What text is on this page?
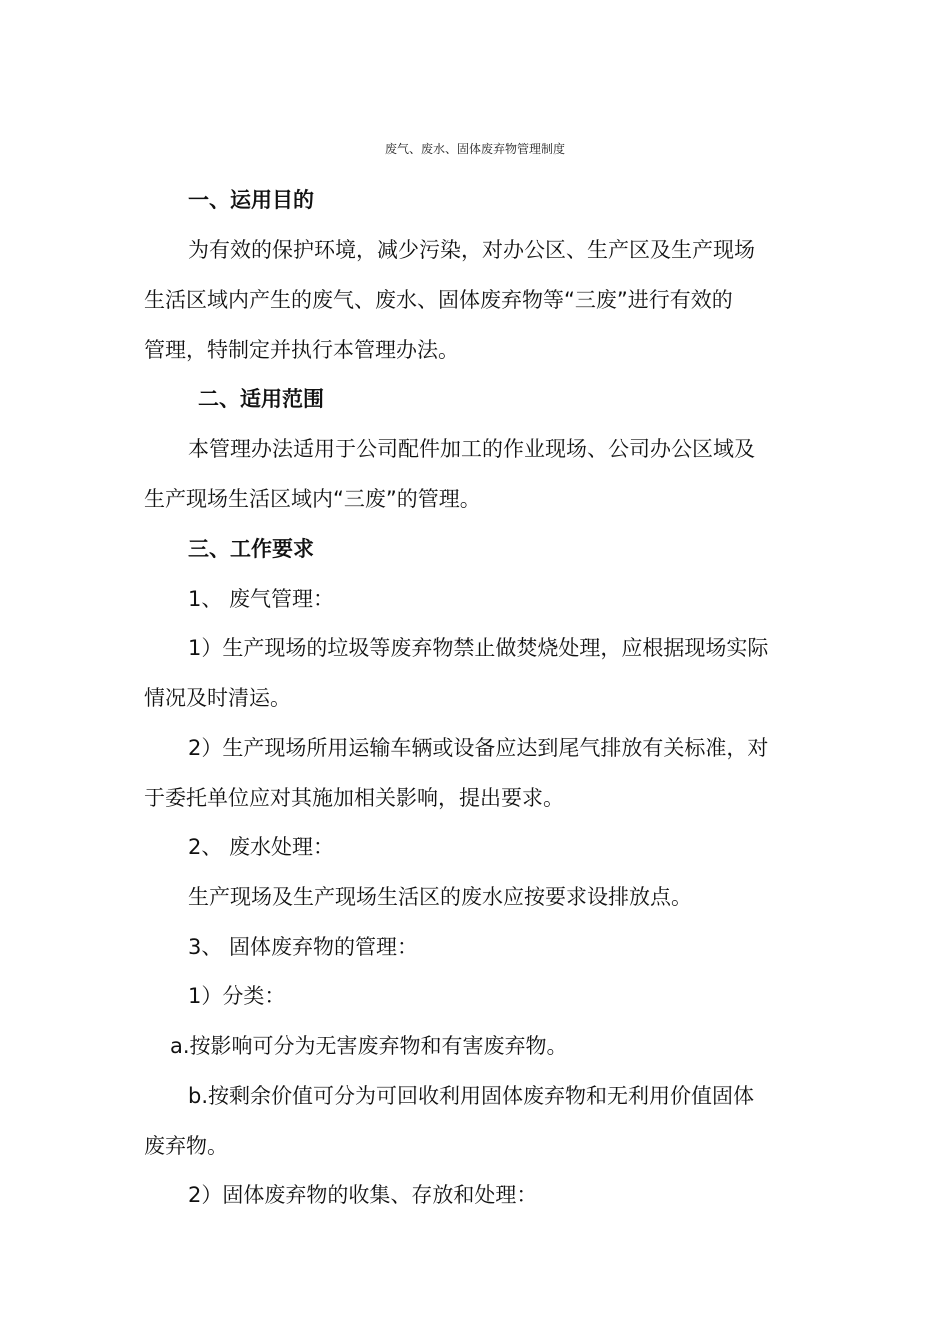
废气、废水、固体废弃物管理制度
一、运用目的
为有效的保护环境，减少污染，对办公区、生产区及生产现场
生活区域内产生的废气、废水、固体废弃物等“三废”进行有效的
管理，特制定并执行本管理办法。
二、适用范围
本管理办法适用于公司配件加工的作业现场、公司办公区域及
生产现场生活区域内“三废”的管理。
三、工作要求
1、 废气管理：
1）生产现场的垃圾等废弃物禁止做焚烧处理，应根据现场实际
情况及时清运。
2）生产现场所用运输车辆或设备应达到尾气排放有关标准，对
于委托单位应对其施加相关影响，提出要求。
2、 废水处理：
生产现场及生产现场生活区的废水应按要求设排放点。
3、 固体废弃物的管理：
1）分类：
a.按影响可分为无害废弃物和有害废弃物。
b.按剩余价值可分为可回收利用固体废弃物和无利用价值固体
废弃物。
2）固体废弃物的收集、存放和处理：
